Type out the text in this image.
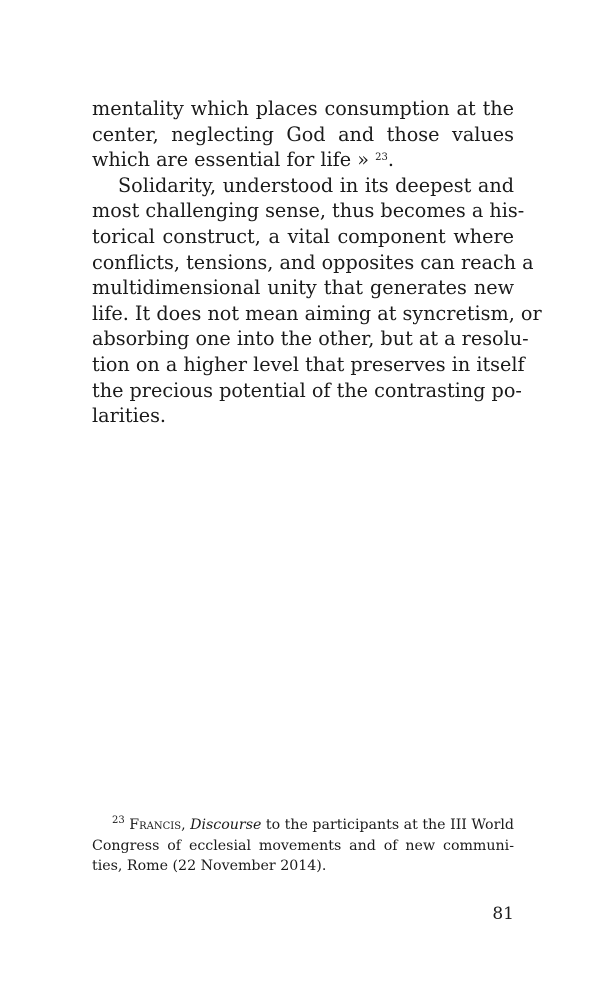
mentality which places consumption at the
center, neglecting God and those values
which are essential for life » $^{23}$.

Solidarity, understood in its deepest and
most challenging sense, thus becomes a his-
torical construct, a vital component where
conflicts, tensions, and opposites can reach a
multidimensional unity that generates new
life. It does not mean aiming at syncretism, or
absorbing one into the other, but at a resolu-
tion on a higher level that preserves in itself
the precious potential of the contrasting po-
larities.

$^{23}$ Francis, Discourse to the participants at the III World
Congress of ecclesial movements and of new communi-
ties, Rome (22 November 2014).
81
